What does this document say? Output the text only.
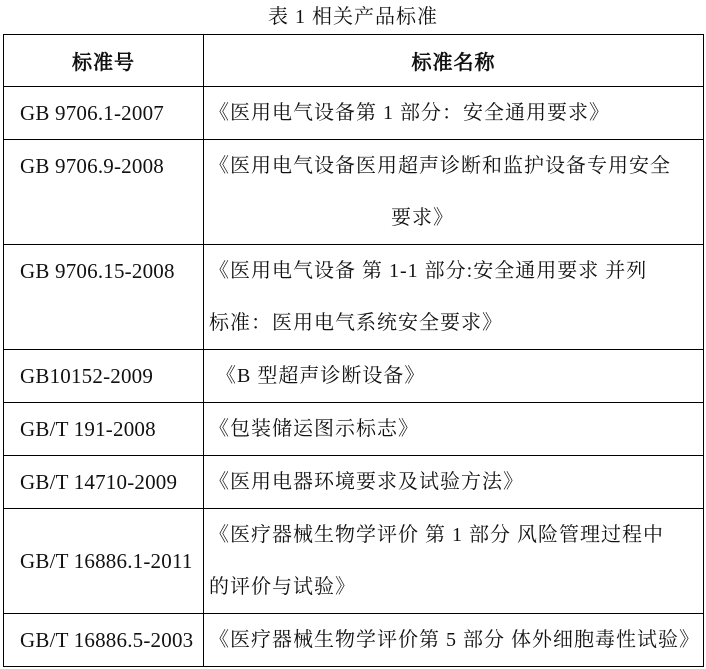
表 1 相关产品标准
标准号	标准名称
GB 9706.1-2007	《医用电气设备第 1 部分：安全通用要求》

GB 9706.9-2008	《医用电气设备医用超声诊断和监护设备专用安全
要求》

GB 9706.15-2008	《医用电气设备 第 1-1 部分:安全通用要求 并列
标准：医用电气系统安全要求》

GB10152-2009	《B 型超声诊断设备》

GB/T 191-2008	《包装储运图示标志》

GB/T 14710-2009	《医用电器环境要求及试验方法》

GB/T 16886.1-2011	《医疗器械生物学评价 第 1 部分 风险管理过程中
的评价与试验》

GB/T 16886.5-2003	《医疗器械生物学评价第 5 部分 体外细胞毒性试验》
